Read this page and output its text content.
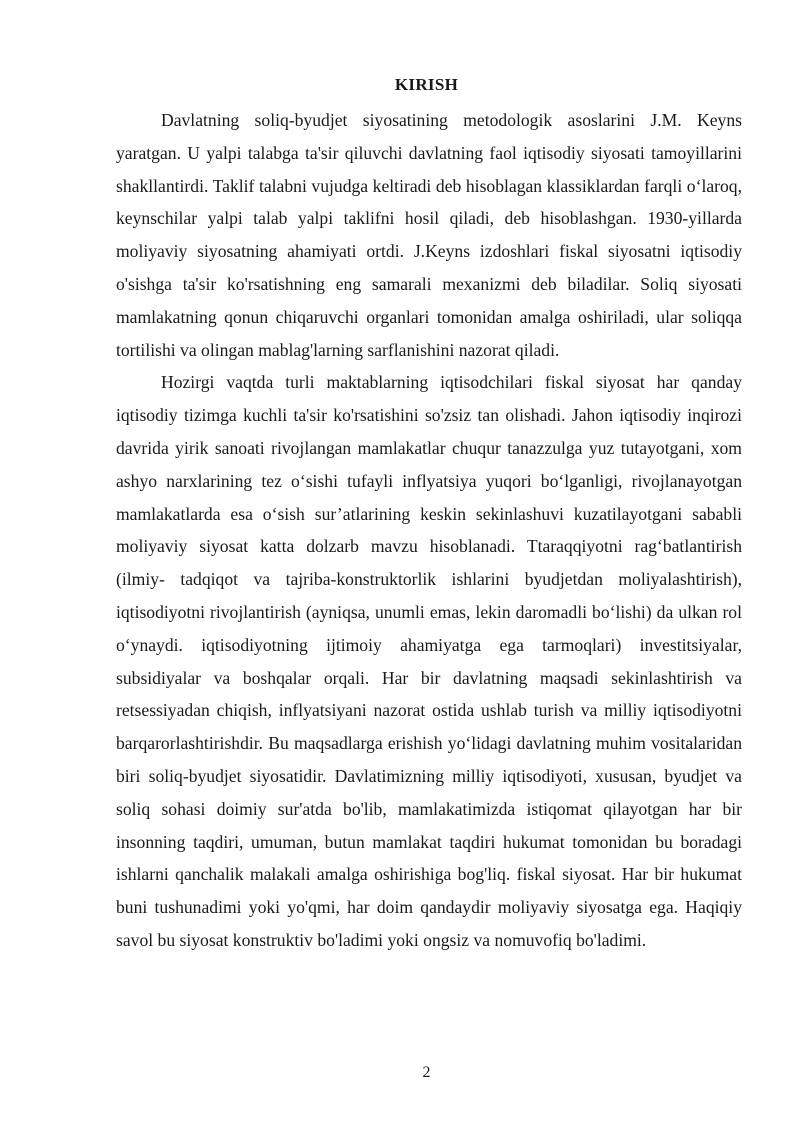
KIRISH

Davlatning soliq-byudjet siyosatining metodologik asoslarini J.M. Keyns yaratgan. U yalpi talabga ta'sir qiluvchi davlatning faol iqtisodiy siyosati tamoyillarini shakllantirdi. Taklif talabni vujudga keltiradi deb hisoblagan klassiklardan farqli o‘laroq, keynschilar yalpi talab yalpi taklifni hosil qiladi, deb hisoblashgan. 1930-yillarda moliyaviy siyosatning ahamiyati ortdi. J.Keyns izdoshlari fiskal siyosatni iqtisodiy o'sishga ta'sir ko'rsatishning eng samarali mexanizmi deb biladilar. Soliq siyosati mamlakatning qonun chiqaruvchi organlari tomonidan amalga oshiriladi, ular soliqqa tortilishi va olingan mablag'larning sarflanishini nazorat qiladi.

Hozirgi vaqtda turli maktablarning iqtisodchilari fiskal siyosat har qanday iqtisodiy tizimga kuchli ta'sir ko'rsatishini so'zsiz tan olishadi. Jahon iqtisodiy inqirozi davrida yirik sanoati rivojlangan mamlakatlar chuqur tanazzulga yuz tutayotgani, xom ashyo narxlarining tez o‘sishi tufayli inflyatsiya yuqori bo‘lganligi, rivojlanayotgan mamlakatlarda esa o‘sish sur’atlarining keskin sekinlashuvi kuzatilayotgani sababli moliyaviy siyosat katta dolzarb mavzu hisoblanadi. Ttaraqqiyotni rag‘batlantirish (ilmiy- tadqiqot va tajriba-konstruktorlik ishlarini byudjetdan moliyalashtirish), iqtisodiyotni rivojlantirish (ayniqsa, unumli emas, lekin daromadli bo‘lishi) da ulkan rol o‘ynaydi. iqtisodiyotning ijtimoiy ahamiyatga ega tarmoqlari) investitsiyalar, subsidiyalar va boshqalar orqali. Har bir davlatning maqsadi sekinlashtirish va retsessiyadan chiqish, inflyatsiyani nazorat ostida ushlab turish va milliy iqtisodiyotni barqarorlashtirishdir. Bu maqsadlarga erishish yo‘lidagi davlatning muhim vositalaridan biri soliq-byudjet siyosatidir. Davlatimizning milliy iqtisodiyoti, xususan, byudjet va soliq sohasi doimiy sur'atda bo'lib, mamlakatimizda istiqomat qilayotgan har bir insonning taqdiri, umuman, butun mamlakat taqdiri hukumat tomonidan bu boradagi ishlarni qanchalik malakali amalga oshirishiga bog'liq. fiskal siyosat. Har bir hukumat buni tushunadimi yoki yo'qmi, har doim qandaydir moliyaviy siyosatga ega. Haqiqiy savol bu siyosat konstruktiv bo'ladimi yoki ongsiz va nomuvofiq bo'ladimi.

2
